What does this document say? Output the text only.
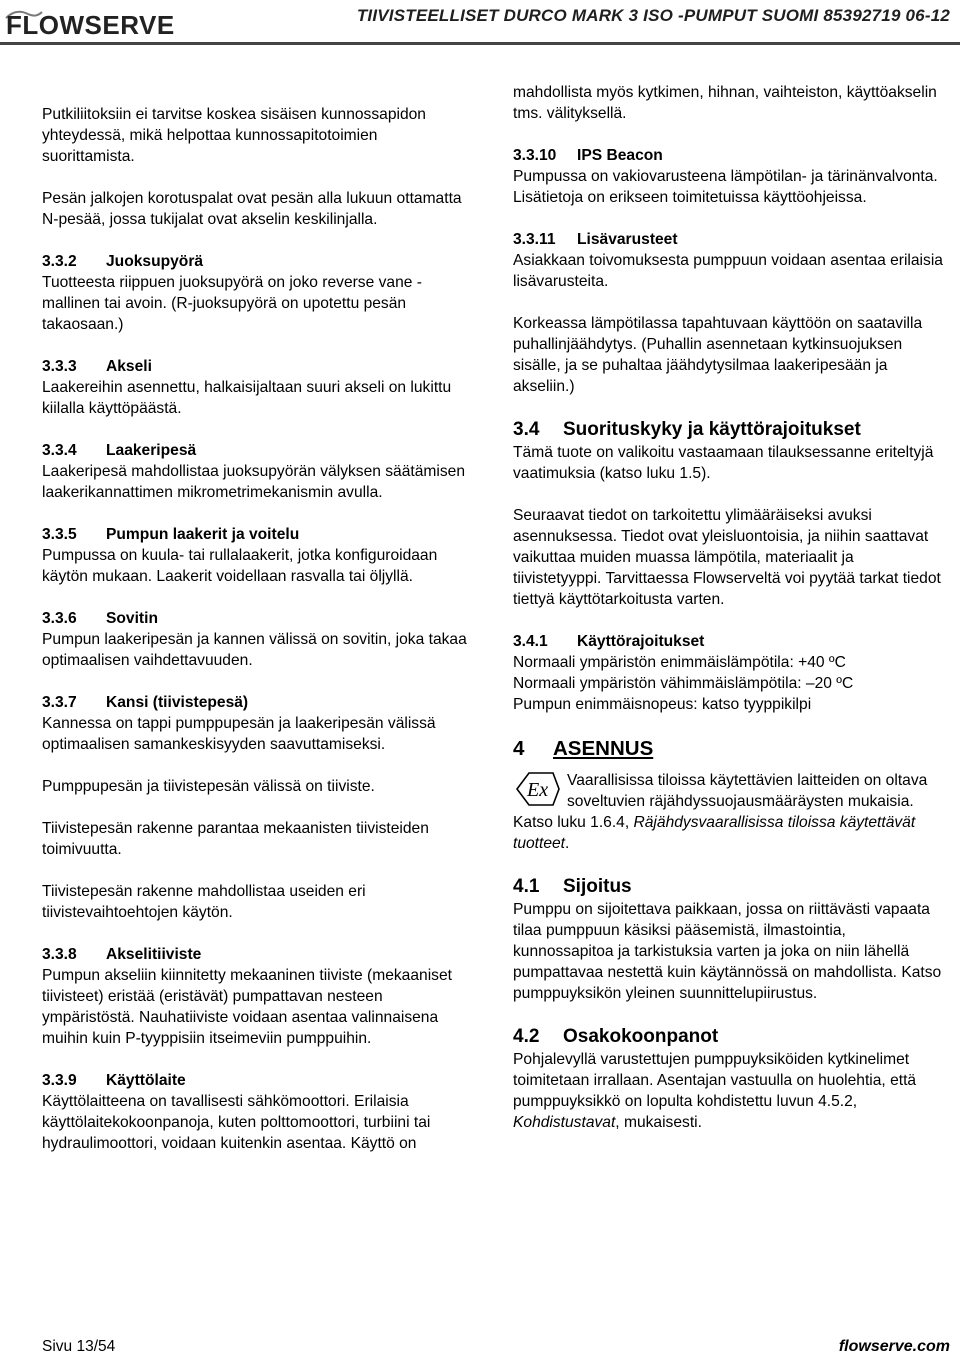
FLOWSERVE	TIIVISTEELLISET DURCO MARK 3 ISO -PUMPUT SUOMI 85392719 06-12

Putkiliitoksiin ei tarvitse koskea sisäisen kunnossapidon yhteydessä, mikä helpottaa kunnossapitotoimien suorittamista.

Pesän jalkojen korotuspalat ovat pesän alla lukuun ottamatta N-pesää, jossa tukijalat ovat akselin keskilinjalla.

3.3.2 Juoksupyörä
Tuotteesta riippuen juoksupyörä on joko reverse vane -mallinen tai avoin. (R-juoksupyörä on upotettu pesän takaosaan.)
3.3.3 Akseli
Laakereihin asennettu, halkaisijaltaan suuri akseli on lukittu kiilalla käyttöpäästä.
3.3.4 Laakeripesä
Laakeripesä mahdollistaa juoksupyörän välyksen säätämisen laakerikannattimen mikrometrimekanismin avulla.
3.3.5 Pumpun laakerit ja voitelu
Pumpussa on kuula- tai rullalaakerit, jotka konfiguroidaan käytön mukaan. Laakerit voidellaan rasvalla tai öljyllä.
3.3.6 Sovitin
Pumpun laakeripesän ja kannen välissä on sovitin, joka takaa optimaalisen vaihdettavuuden.
3.3.7 Kansi (tiivistepesä)
Kannessa on tappi pumppupesän ja laakeripesän välissä optimaalisen samankeskisyyden saavuttamiseksi.

Pumppupesän ja tiivistepesän välissä on tiiviste.

Tiivistepesän rakenne parantaa mekaanisten tiivisteiden toimivuutta.

Tiivistepesän rakenne mahdollistaa useiden eri tiivistevaihtoehtojen käytön.

3.3.8 Akselitiiviste
Pumpun akseliin kiinnitetty mekaaninen tiiviste (mekaaniset tiivisteet) eristää (eristävät) pumpattavan nesteen ympäristöstä. Nauhatiiviste voidaan asentaa valinnaisena muihin kuin P-tyyppisiin itseimeviin pumppuihin.
3.3.9 Käyttölaite
Käyttölaitteena on tavallisesti sähkömoottori. Erilaisia käyttölaitekokoonpanoja, kuten polttomoottori, turbiini tai hydraulimoottori, voidaan kuitenkin asentaa. Käyttö on

mahdollista myös kytkimen, hihnan, vaihteiston, käyttöakselin tms. välityksellä.

3.3.10 IPS Beacon
Pumpussa on vakiovarusteena lämpötilan- ja tärinänvalvonta. Lisätietoja on erikseen toimitetuissa käyttöohjeissa.
3.3.11 Lisävarusteet
Asiakkaan toivomuksesta pumppuun voidaan asentaa erilaisia lisävarusteita.

Korkeassa lämpötilassa tapahtuvaan käyttöön on saatavilla puhallinjäähdytys. (Puhallin asennetaan kytkinsuojuksen sisälle, ja se puhaltaa jäähdytysilmaa laakeripesään ja akseliin.)

3.4 Suorituskyky ja käyttörajoitukset
Tämä tuote on valikoitu vastaamaan tilauksessanne eriteltyjä vaatimuksia (katso luku 1.5).

Seuraavat tiedot on tarkoitettu ylimääräiseksi avuksi asennuksessa. Tiedot ovat yleisluontoisia, ja niihin saattavat vaikuttaa muiden muassa lämpötila, materiaalit ja tiivistetyyppi. Tarvittaessa Flowserveltä voi pyytää tarkat tiedot tiettyä käyttötarkoitusta varten.

3.4.1 Käyttörajoitukset
Normaali ympäristön enimmäislämpötila: +40 ºC
Normaali ympäristön vähimmäislämpötila: –20 ºC
Pumpun enimmäisnopeus: katso tyyppikilpi
4 ASENNUS
Ex Vaarallisissa tiloissa käytettävien laitteiden on oltava soveltuvien räjähdyssuojausmääräysten mukaisia. Katso luku 1.6.4, Räjähdysvaarallisissa tiloissa käytettävät tuotteet.
4.1 Sijoitus
Pumppu on sijoitettava paikkaan, jossa on riittävästi vapaata tilaa pumppuun käsiksi pääsemistä, ilmastointia, kunnossapitoa ja tarkistuksia varten ja joka on niin lähellä pumpattavaa nestettä kuin käytännössä on mahdollista. Katso pumppuyksikön yleinen suunnittelupiirustus.
4.2 Osakokoonpanot
Pohjalevyllä varustettujen pumppuyksiköiden kytkinelimet toimitetaan irrallaan. Asentajan vastuulla on huolehtia, että pumppuyksikkö on lopulta kohdistettu luvun 4.5.2, Kohdistustavat, mukaisesti.
Sivu 13/54	flowserve.com
